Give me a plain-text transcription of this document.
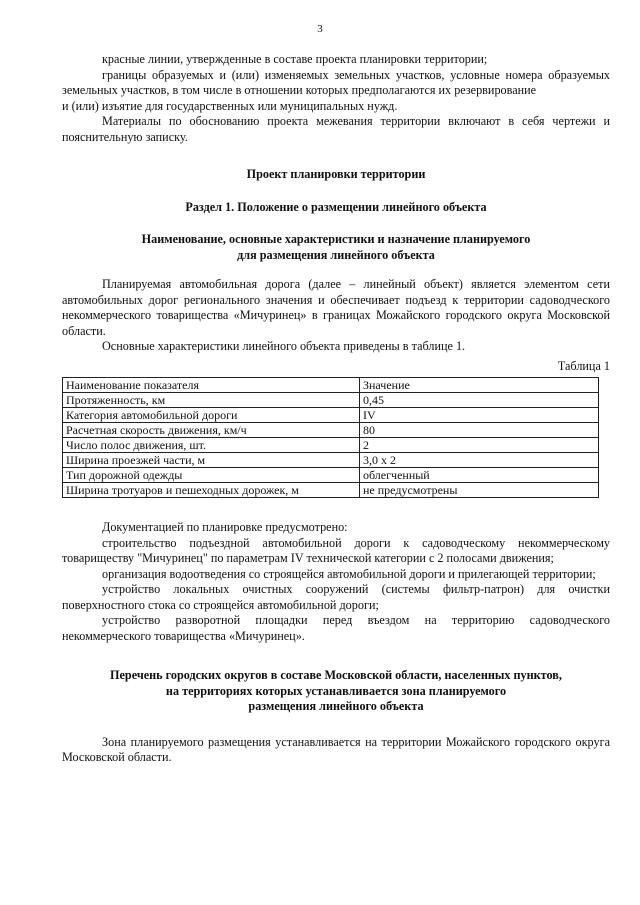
3

красные линии, утвержденные в составе проекта планировки территории;

границы образуемых и (или) изменяемых земельных участков, условные номера образуемых земельных участков, в том числе в отношении которых предполагаются их резервирование

и (или) изъятие для государственных или муниципальных нужд.

Материалы по обоснованию проекта межевания территории включают в себя чертежи и пояснительную записку.

Проект планировки территории

Раздел 1. Положение о размещении линейного объекта

Наименование, основные характеристики и назначение планируемого

для размещения линейного объекта

Планируемая автомобильная дорога (далее – линейный объект) является элементом сети автомобильных дорог регионального значения и обеспечивает подъезд к территории садоводческого некоммерческого товарищества «Мичуринец» в границах Можайского городского округа Московской области.

Основные характеристики линейного объекта приведены в таблице 1.

Таблица 1

Наименование показателя	Значение
Протяженность, км	0,45
Категория автомобильной дороги	IV
Расчетная скорость движения, км/ч	80
Число полос движения, шт.	2
Ширина проезжей части, м	3,0 х 2
Тип дорожной одежды	облегченный
Ширина тротуаров и пешеходных дорожек, м	не предусмотрены

Документацией по планировке предусмотрено:

строительство подъездной автомобильной дороги к садоводческому некоммерческому товариществу "Мичуринец" по параметрам IV технической категории с 2 полосами движения;

организация водоотведения со строящейся автомобильной дороги и прилегающей территории;

устройство локальных очистных сооружений (системы фильтр-патрон) для очистки поверхностного стока со строящейся автомобильной дороги;

устройство разворотной площадки перед въездом на территорию садоводческого некоммерческого товарищества «Мичуринец».

Перечень городских округов в составе Московской области, населенных пунктов,

на территориях которых устанавливается зона планируемого

размещения линейного объекта

Зона планируемого размещения устанавливается на территории Можайского городского округа Московской области.
